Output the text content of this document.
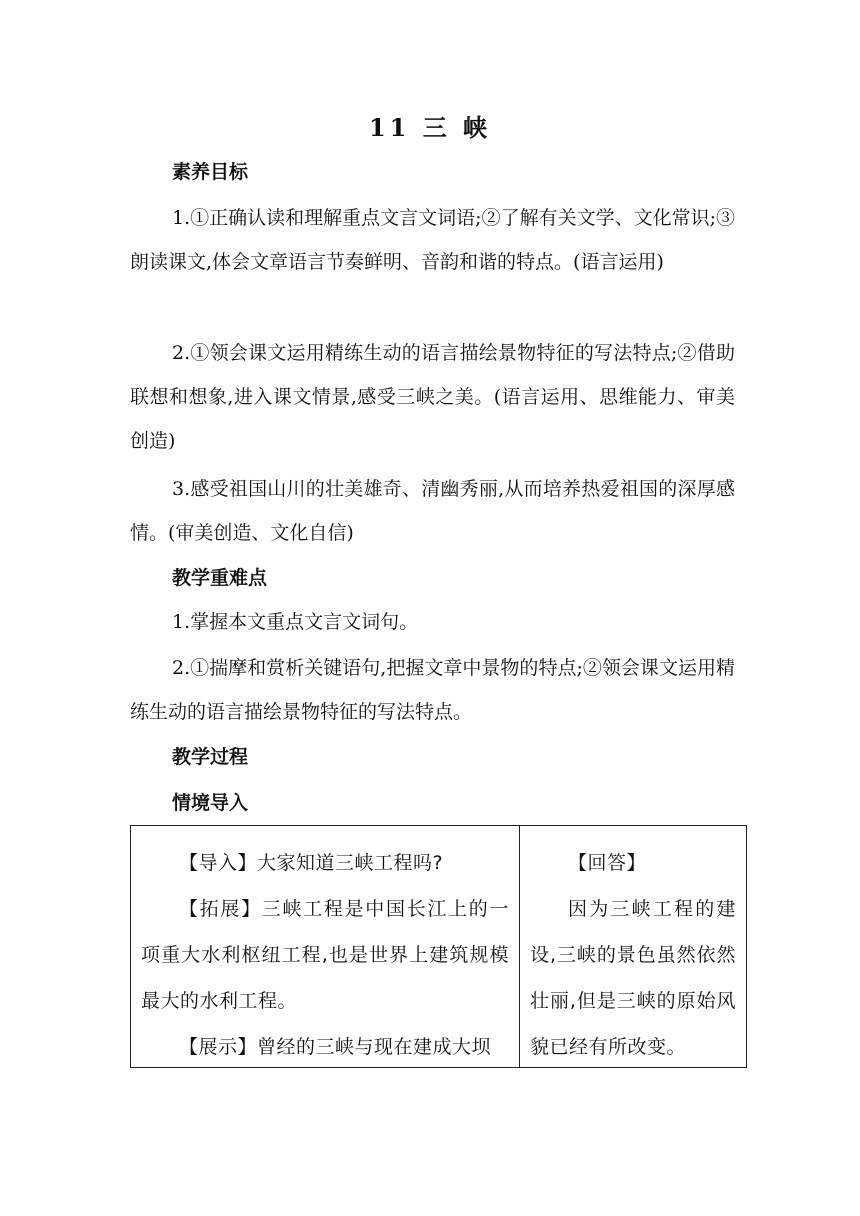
11 三 峡
素养目标
1.①正确认读和理解重点文言文词语;②了解有关文学、文化常识;③朗读课文,体会文章语言节奏鲜明、音韵和谐的特点。(语言运用)
2.①领会课文运用精练生动的语言描绘景物特征的写法特点;②借助联想和想象,进入课文情景,感受三峡之美。(语言运用、思维能力、审美创造)
3.感受祖国山川的壮美雄奇、清幽秀丽,从而培养热爱祖国的深厚感情。(审美创造、文化自信)
教学重难点
1.掌握本文重点文言文词句。
2.①揣摩和赏析关键语句,把握文章中景物的特点;②领会课文运用精练生动的语言描绘景物特征的写法特点。
教学过程
情境导入

【导入】大家知道三峡工程吗?

【拓展】三峡工程是中国长江上的一项重大水利枢纽工程,也是世界上建筑规模最大的水利工程。

【展示】曾经的三峡与现在建成大坝

【回答】

因为三峡工程的建设,三峡的景色虽然依然壮丽,但是三峡的原始风貌已经有所改变。
